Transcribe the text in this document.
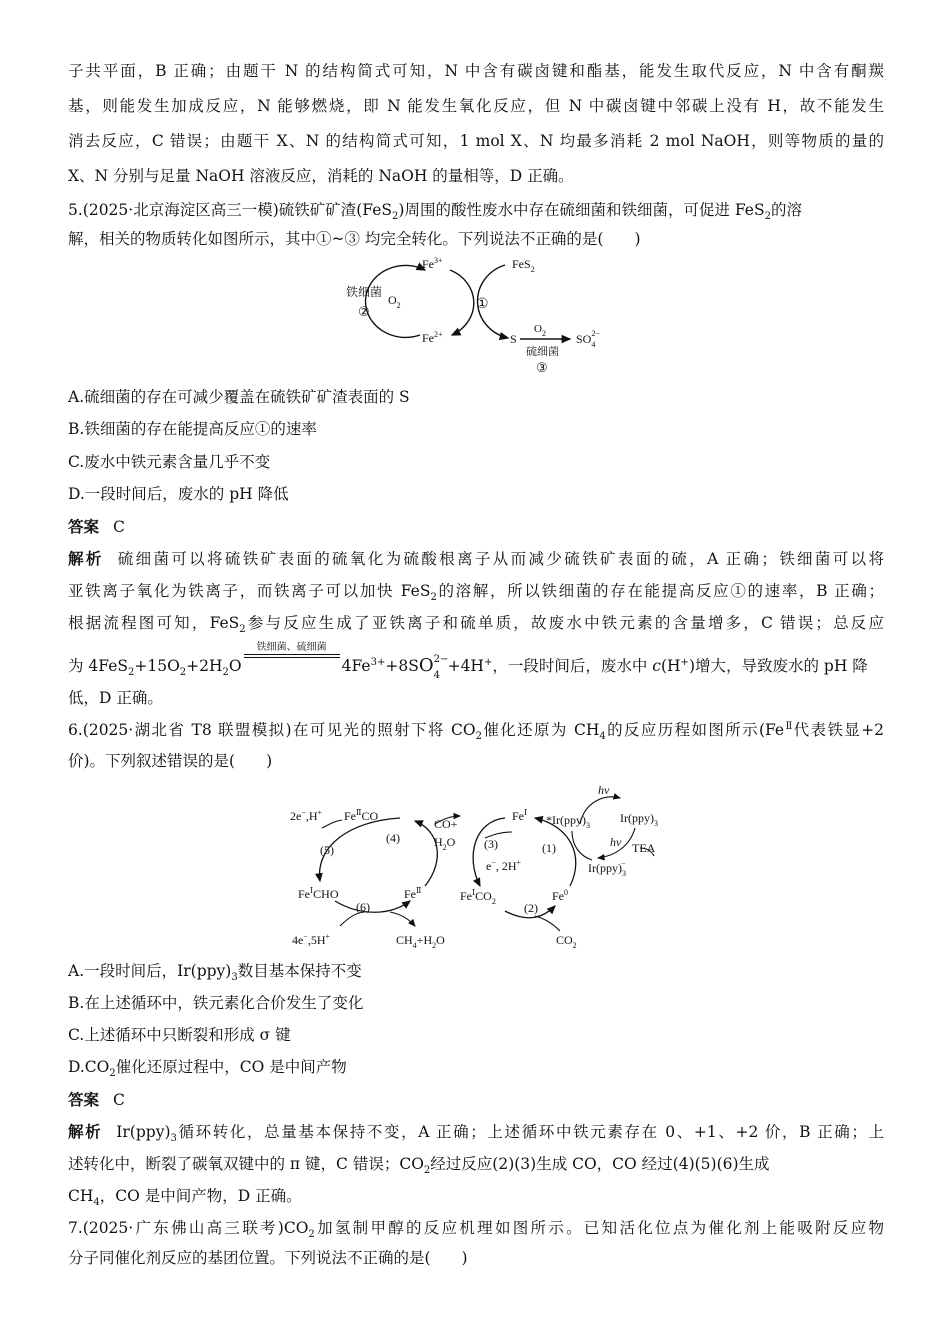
子共平面，B 正确；由题干 N 的结构简式可知，N 中含有碳卤键和酯基，能发生取代反应，N 中含有酮羰
基，则能发生加成反应，N 能够燃烧，即 N 能发生氧化反应，但 N 中碳卤键中邻碳上没有 H，故不能发生
消去反应，C 错误；由题干 X、N 的结构简式可知，1 mol X、N 均最多消耗 2 mol NaOH，则等物质的量的
X、N 分别与足量 NaOH 溶液反应，消耗的 NaOH 的量相等，D 正确。
5.(2025·北京海淀区高三一模)硫铁矿矿渣(FeS$_2$)周围的酸性废水中存在硫细菌和铁细菌，可促进 FeS$_2$的溶
解，相关的物质转化如图所示，其中①~③ 均完全转化。下列说法不正确的是(　　)
$Fe^{3+}$
$Fe^{2+}$
FeS$_2$
$O_2$
铁细菌
②	①
S
$O_2$
硫细菌
③
$SO_42-$
A.硫细菌的存在可减少覆盖在硫铁矿矿渣表面的 S
B.铁细菌的存在能提高反应①的速率
C.废水中铁元素含量几乎不变
D.一段时间后，废水的 pH 降低
答案 C
解析 硫细菌可以将硫铁矿表面的硫氧化为硫酸根离子从而减少硫铁矿表面的硫，A 正确；铁细菌可以将
亚铁离子氧化为铁离子，而铁离子可以加快 FeS$_2$的溶解，所以铁细菌的存在能提高反应①的速率，B 正确；
根据流程图可知，FeS$_2$参与反应生成了亚铁离子和硫单质，故废水中铁元素的含量增多，C 错误；总反应
为 $4FeS_2+15O_2+2H_2O$
铁细菌、硫细菌
$4Fe^{3+}+8SO$ 2−
4
+4H+，一段时间后，废水中 c(H+)增大，导致废水的 pH 降
低，D 正确。
6.(2025·湖北省 T8 联盟模拟)在可见光的照射下将 $CO_2$催化还原为 $CH_4$的反应历程如图所示($Fe^Ⅱ$代表铁显+2
价)。下列叙述错误的是(　　)
2e−,H+ $Fe^ⅡCO$
(4)
(5)
(6)
$Fe^ⅠCHO$	$Fe^Ⅱ$
4e−,5H+	$CH_4+H_2O$
CO+
$H_2O$ (3)
e−, 2H+
$Fe^Ⅰ$
$Fe^ⅠCO_2$ (2)
Fe$^0$
$CO_2$
(1)
$*Ir(ppy)_3$
$Ir(ppy)_3$
$Ir(ppy)_3-$
hv
hv TEA
A.一段时间后，$Ir(ppy)_3$数目基本保持不变
B.在上述循环中，铁元素化合价发生了变化
C.上述循环中只断裂和形成 σ 键
$D.CO_2$催化还原过程中，CO 是中间产物
答案 C
解析 $Ir(ppy)_3$循环转化，总量基本保持不变，A 正确；上述循环中铁元素存在 0、+1、+2 价，B 正确；上
述转化中，断裂了碳氧双键中的 π 键，C 错误；$CO_2$经过反应(2)(3)生成 CO，CO 经过(4)(5)(6)生成
$CH_4$，CO 是中间产物，D 正确。
7.(2025·广东佛山高三联考)$CO_2$加氢制甲醇的反应机理如图所示。已知活化位点为催化剂上能吸附反应物
分子同催化剂反应的基团位置。下列说法不正确的是(　　)
